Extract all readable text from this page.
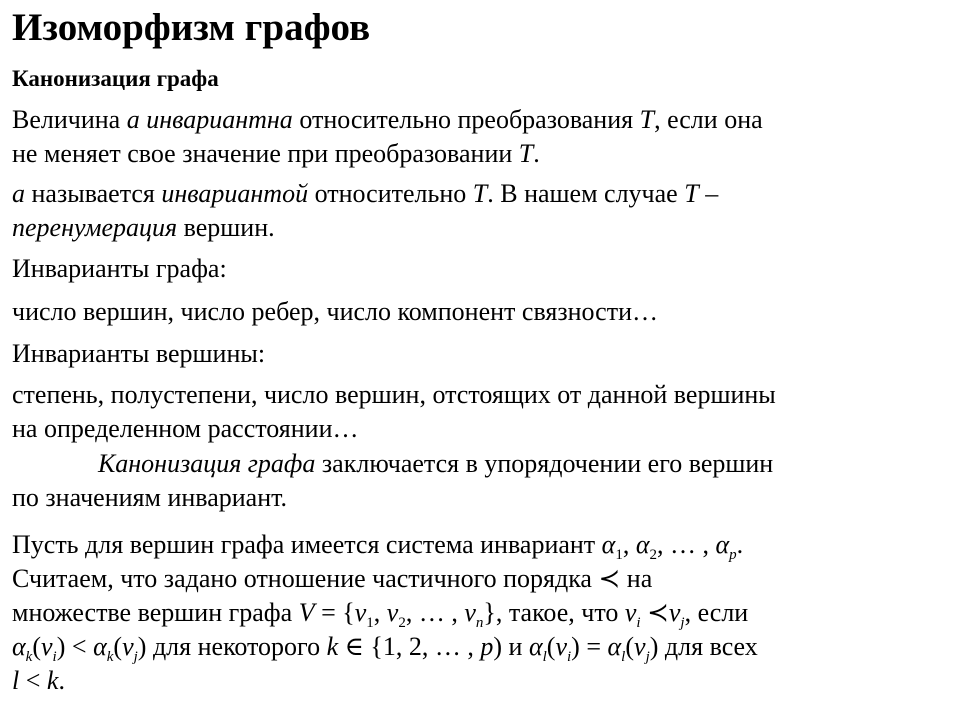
Изоморфизм графов
Канонизация графа
Величина a инвариантна относительно преобразования T, если она
не меняет свое значение при преобразовании T.
a называется инвариантой относительно T. В нашем случае T –
перенумерация вершин.
Инварианты графа:
число вершин, число ребер, число компонент связности…
Инварианты вершины:
степень, полустепени, число вершин, отстоящих от данной вершины
на определенном расстоянии…
Канонизация графа заключается в упорядочении его вершин
по значениям инвариант.
Пусть для вершин графа имеется система инвариант $\alpha_1$, $\alpha_2$, … , $\alpha_p$.
Считаем, что задано отношение частичного порядка ≺ на
множестве вершин графа $V = \{v_1$, $v_2$, … , $v_n$}, такое, что $v_i$ $≺v_j$, если
$\alpha_k(v_i) < \alpha_k(v_j)$ для некоторого k ∈ {1, 2, … , p) и $\alpha_l(v_i) = \alpha_l(v_j)$ для всех
l < k.
